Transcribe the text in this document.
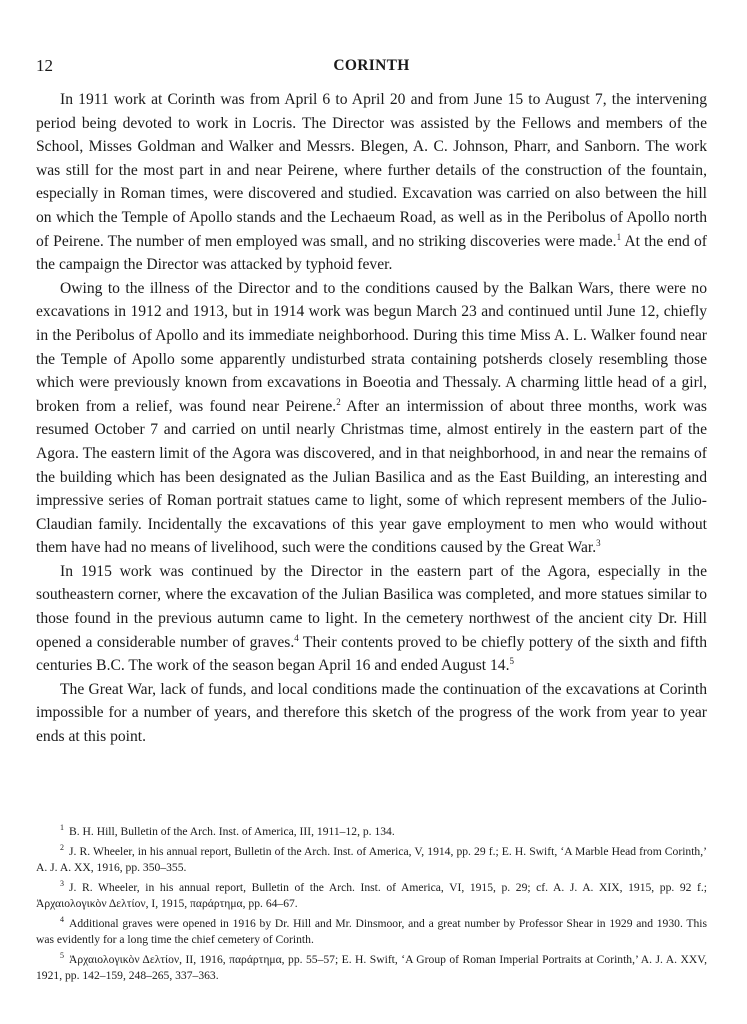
12	CORINTH

In 1911 work at Corinth was from April 6 to April 20 and from June 15 to August 7, the intervening period being devoted to work in Locris. The Director was assisted by the Fellows and members of the School, Misses Goldman and Walker and Messrs. Blegen, A. C. Johnson, Pharr, and Sanborn. The work was still for the most part in and near Peirene, where further details of the construction of the fountain, especially in Roman times, were discovered and studied. Excavation was carried on also between the hill on which the Temple of Apollo stands and the Lechaeum Road, as well as in the Peribolus of Apollo north of Peirene. The number of men employed was small, and no striking discoveries were made.$^1$ At the end of the campaign the Director was attacked by typhoid fever.

Owing to the illness of the Director and to the conditions caused by the Balkan Wars, there were no excavations in 1912 and 1913, but in 1914 work was begun March 23 and continued until June 12, chiefly in the Peribolus of Apollo and its immediate neighborhood. During this time Miss A. L. Walker found near the Temple of Apollo some apparently undisturbed strata containing potsherds closely resembling those which were previously known from excavations in Boeotia and Thessaly. A charming little head of a girl, broken from a relief, was found near Peirene.$^2$ After an intermission of about three months, work was resumed October 7 and carried on until nearly Christmas time, almost entirely in the eastern part of the Agora. The eastern limit of the Agora was discovered, and in that neighborhood, in and near the remains of the building which has been designated as the Julian Basilica and as the East Building, an interesting and impressive series of Roman portrait statues came to light, some of which represent members of the Julio-Claudian family. Incidentally the excavations of this year gave employment to men who would without them have had no means of livelihood, such were the conditions caused by the Great War.$^3$

In 1915 work was continued by the Director in the eastern part of the Agora, especially in the southeastern corner, where the excavation of the Julian Basilica was completed, and more statues similar to those found in the previous autumn came to light. In the cemetery northwest of the ancient city Dr. Hill opened a considerable number of graves.$^4$ Their contents proved to be chiefly pottery of the sixth and fifth centuries B.C. The work of the season began April 16 and ended August 14.$^5$

The Great War, lack of funds, and local conditions made the continuation of the excavations at Corinth impossible for a number of years, and therefore this sketch of the progress of the work from year to year ends at this point.

$^1$ B. H. Hill, Bulletin of the Arch. Inst. of America, III, 1911–12, p. 134.

$^2$ J. R. Wheeler, in his annual report, Bulletin of the Arch. Inst. of America, V, 1914, pp. 29 f.; E. H. Swift, ‘A Marble Head from Corinth,’ A. J. A. XX, 1916, pp. 350–355.

$^3$ J. R. Wheeler, in his annual report, Bulletin of the Arch. Inst. of America, VI, 1915, p. 29; cf. A. J. A. XIX, 1915, pp. 92 f.; Ἀρχαιολογικὸν Δελτίον, I, 1915, παράρτημα, pp. 64–67.

$^4$ Additional graves were opened in 1916 by Dr. Hill and Mr. Dinsmoor, and a great number by Professor Shear in 1929 and 1930. This was evidently for a long time the chief cemetery of Corinth.

$^5$ Ἀρχαιολογικὸν Δελτίον, II, 1916, παράρτημα, pp. 55–57; E. H. Swift, ‘A Group of Roman Imperial Portraits at Corinth,’ A. J. A. XXV, 1921, pp. 142–159, 248–265, 337–363.
